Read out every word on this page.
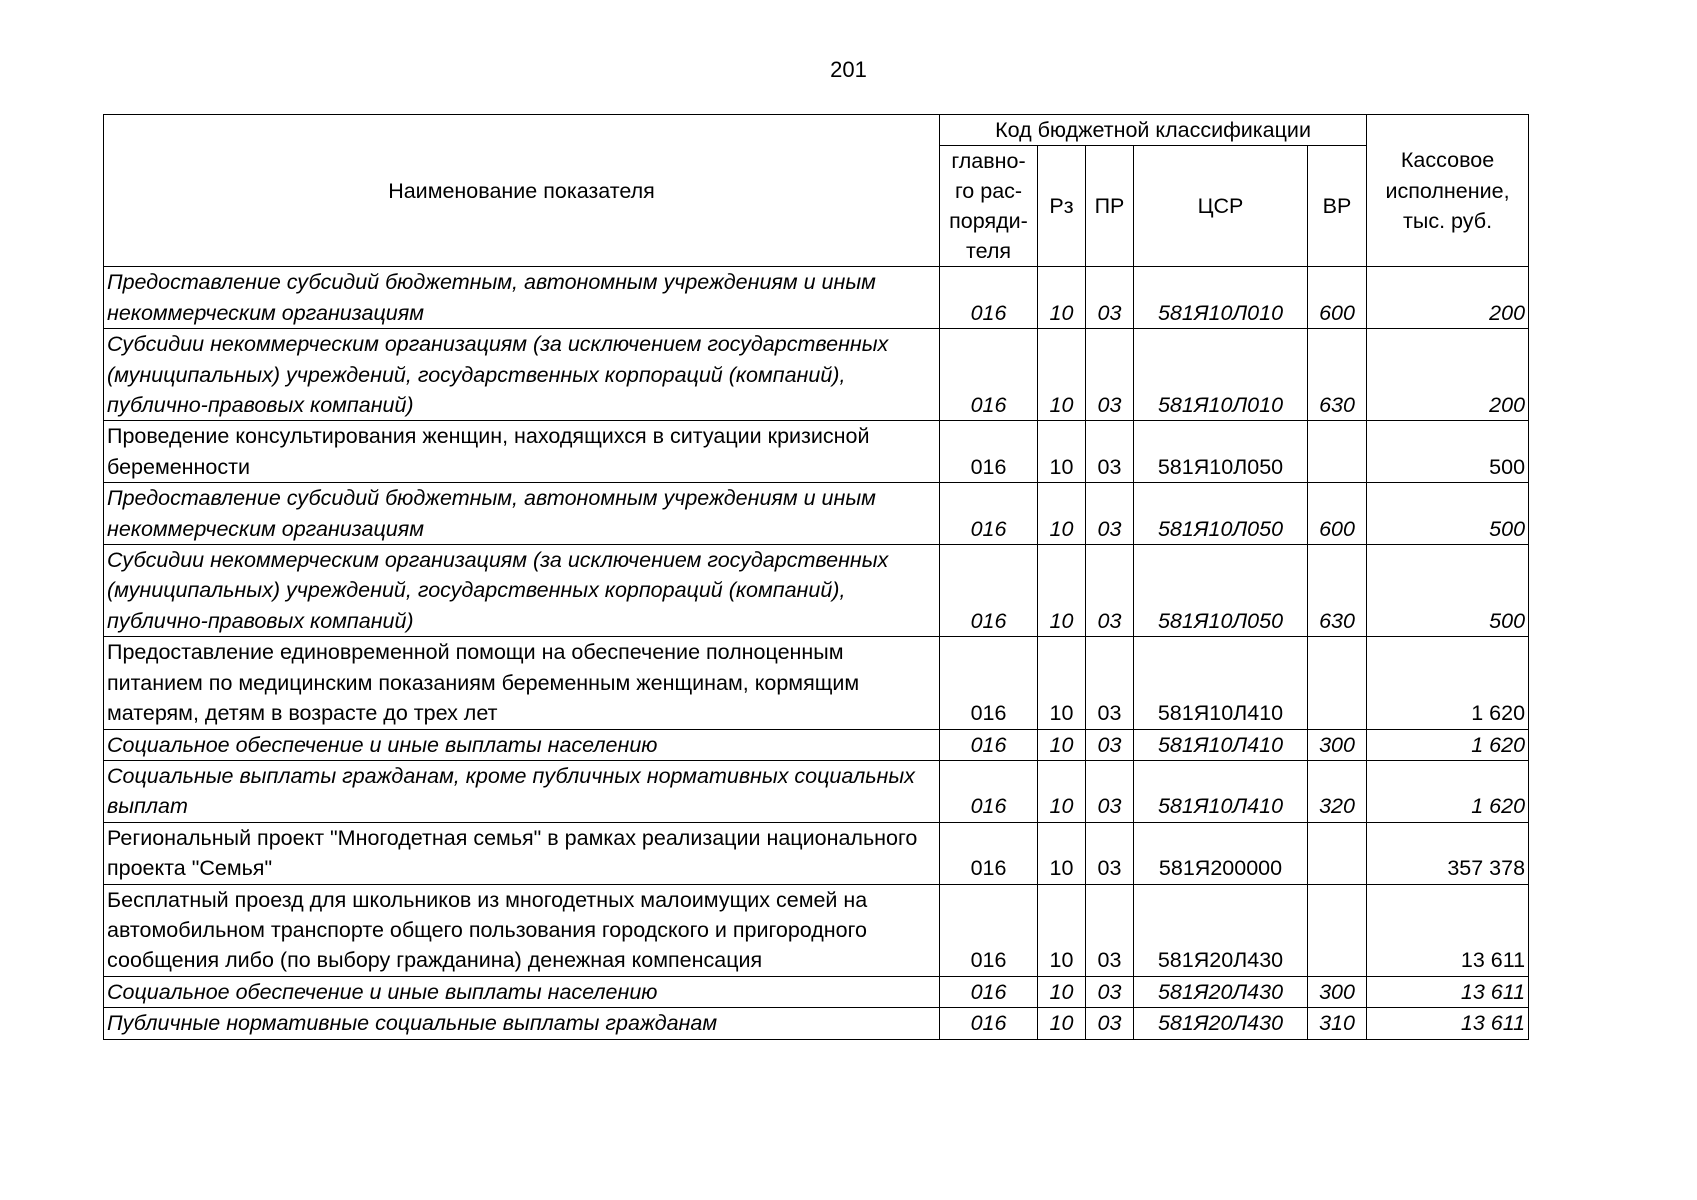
201
Наименование показателя	Код бюджетной классификации					Кассовое исполнение, тыс. руб.
	главно-го рас-поряди-теля	Рз	ПР	ЦСР	ВР	
Предоставление субсидий бюджетным, автономным учреждениям и иным некоммерческим организациям	016	10	03	581Я10Л010	600	200
Субсидии некоммерческим организациям (за исключением государственных (муниципальных) учреждений, государственных корпораций (компаний), публично-правовых компаний)	016	10	03	581Я10Л010	630	200
Проведение консультирования женщин, находящихся в ситуации кризисной беременности	016	10	03	581Я10Л050		500
Предоставление субсидий бюджетным, автономным учреждениям и иным некоммерческим организациям	016	10	03	581Я10Л050	600	500
Субсидии некоммерческим организациям (за исключением государственных (муниципальных) учреждений, государственных корпораций (компаний), публично-правовых компаний)	016	10	03	581Я10Л050	630	500
Предоставление единовременной помощи на обеспечение полноценным питанием по медицинским показаниям беременным женщинам, кормящим матерям, детям в возрасте до трех лет	016	10	03	581Я10Л410		1 620
Социальное обеспечение и иные выплаты населению	016	10	03	581Я10Л410	300	1 620
Социальные выплаты гражданам, кроме публичных нормативных социальных выплат	016	10	03	581Я10Л410	320	1 620
Региональный проект "Многодетная семья" в рамках реализации национального проекта "Семья"	016	10	03	581Я200000		357 378
Бесплатный проезд для школьников из многодетных малоимущих семей на автомобильном транспорте общего пользования городского и пригородного сообщения либо (по выбору гражданина) денежная компенсация	016	10	03	581Я20Л430		13 611
Социальное обеспечение и иные выплаты населению	016	10	03	581Я20Л430	300	13 611
Публичные нормативные социальные выплаты гражданам	016	10	03	581Я20Л430	310	13 611
